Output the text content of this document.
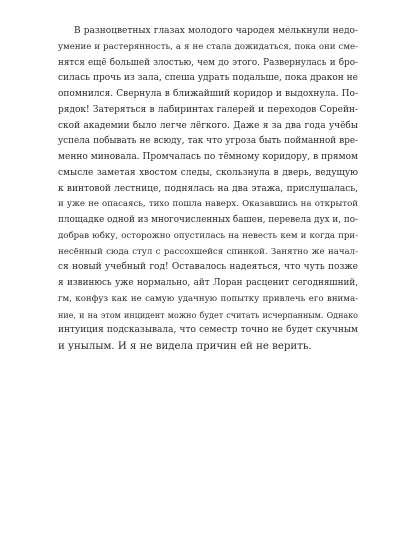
В разноцветных глазах молодого чародея мелькнули недо-
умение и растерянность, а я не стала дожидаться, пока они сме-
нятся ещё большей злостью, чем до этого. Развернулась и бро-
силась прочь из зала, спеша удрать подальше, пока дракон не
опомнился. Свернула в ближайший коридор и выдохнула. По-
рядок! Затеряться в лабиринтах галерей и переходов Сорейн-
ской академии было легче лёгкого. Даже я за два года учёбы
успела побывать не всюду, так что угроза быть пойманной вре-
менно миновала. Промчалась по тёмному коридору, в прямом
смысле заметая хвостом следы, скользнула в дверь, ведущую
к винтовой лестнице, поднялась на два этажа, прислушалась,
и уже не опасаясь, тихо пошла наверх. Оказавшись на открытой
площадке одной из многочисленных башен, перевела дух и, по-
добрав юбку, осторожно опустилась на невесть кем и когда при-
несённый сюда стул с рассохшейся спинкой. Занятно же начал-
ся новый учебный год! Оставалось надеяться, что чуть позже
я извинюсь уже нормально, айт Лоран расценит сегодняшний,
гм, конфуз как не самую удачную попытку привлечь его внима-
ние, и на этом инцидент можно будет считать исчерпанным. Однако
интуиция подсказывала, что семестр точно не будет скучным
и унылым. И я не видела причин ей не верить.
